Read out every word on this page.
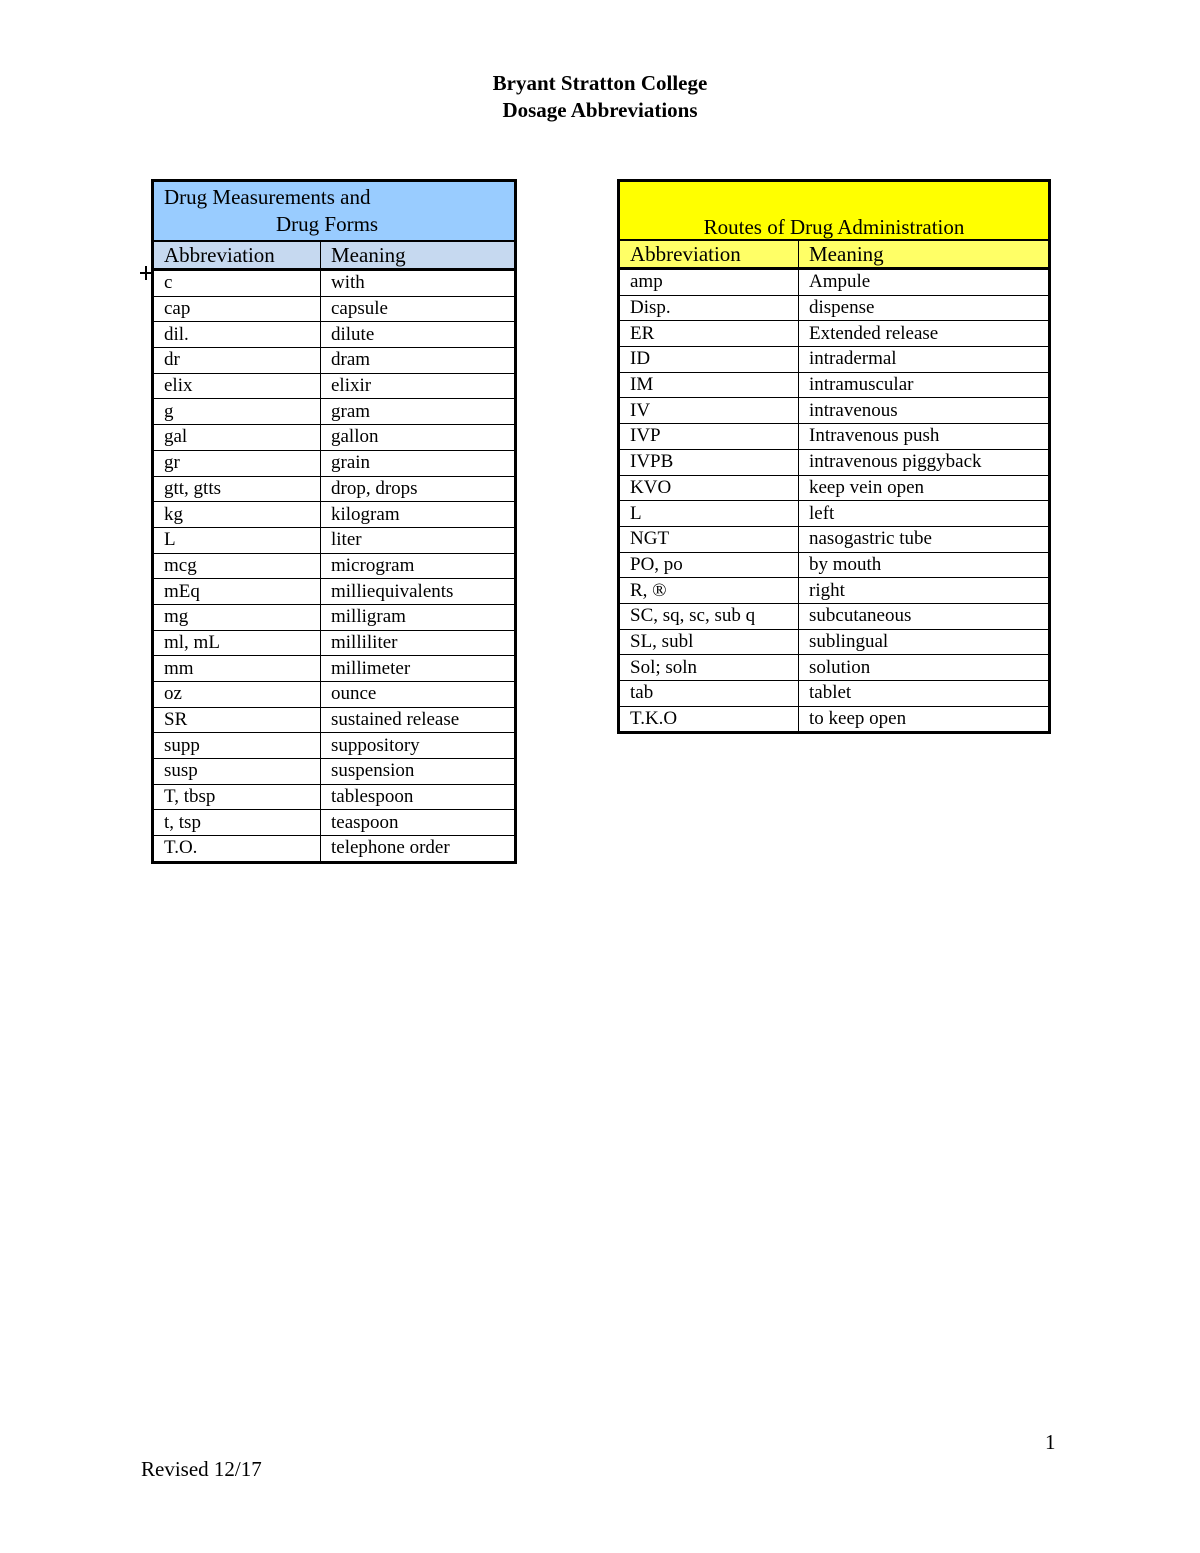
Bryant Stratton College
Dosage Abbreviations
Drug Measurements and
Drug Forms	

Abbreviation	Meaning
c	with
cap	capsule
dil.	dilute
dr	dram
elix	elixir
g	gram
gal	gallon
gr	grain
gtt, gtts	drop, drops
kg	kilogram
L	liter
mcg	microgram
mEq	milliequivalents
mg	milligram
ml, mL	milliliter
mm	millimeter
oz	ounce
SR	sustained release
supp	suppository
susp	suspension
T, tbsp	tablespoon
t, tsp	teaspoon
T.O.	telephone order
Routes of Drug Administration	
Abbreviation	Meaning
amp	Ampule
Disp.	dispense
ER	Extended release
ID	intradermal
IM	intramuscular
IV	intravenous
IVP	Intravenous push
IVPB	intravenous piggyback
KVO	keep vein open
L	left
NGT	nasogastric tube
PO, po	by mouth
R, ®	right
SC, sq, sc, sub q	subcutaneous
SL, subl	sublingual
Sol; soln	solution
tab	tablet
T.K.O	to keep open
1
Revised 12/17
